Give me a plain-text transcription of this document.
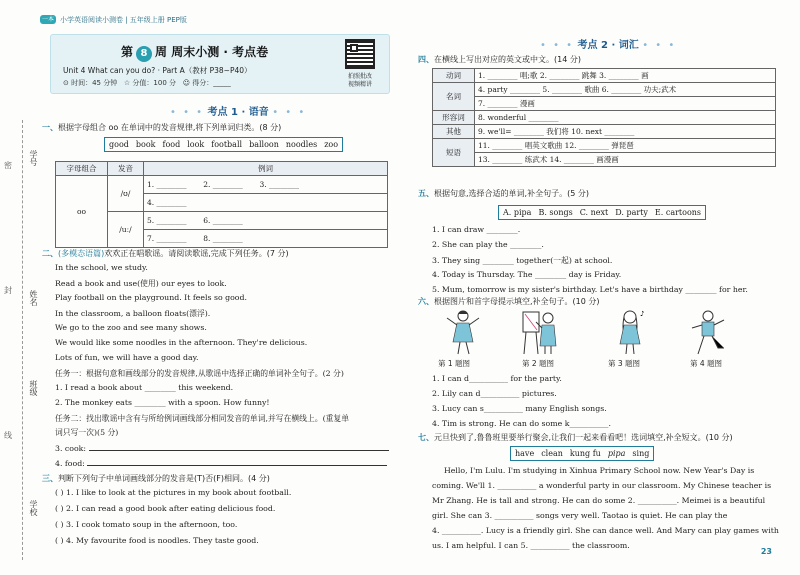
一本 小学英语阅读小测卷 | 五年级上册 PEP版
学号
姓名
班级
学校
密
封
线
第 8 周 周末小测 · 考点卷
Unit 4 What can you do? · Part A（教材 P38~P40）
⊙ 时间：45 分钟 ☆ 分值：100 分 ☺ 得分：_____
拍照批改
视频精讲
• • • 考点 1 · 语音 • • •
一、根据字母组合 oo 在单词中的发音规律,将下列单词归类。(8 分)
good book food look football balloon noodles zoo
字母组合	发音	例词
oo	/ʊ/	1. ________ 2. ________ 3. ________
		4. ________
	/uː/	5. ________ 6. ________
		7. ________ 8. ________
二、(多模态语篇)欢欢正在唱歌谣。请阅读歌谣,完成下列任务。(7 分)
In the school, we study.
Read a book and use(使用) our eyes to look.
Play football on the playground. It feels so good.
In the classroom, a balloon floats(漂浮).
We go to the zoo and see many shows.
We would like some noodles in the afternoon. They're delicious.
Lots of fun, we will have a good day.
任务一：根据句意和画线部分的发音规律,从歌谣中选择正确的单词补全句子。(2 分)
1. I read a book about ________ this weekend.
2. The monkey eats ________ with a spoon. How funny!
任务二：找出歌谣中含有与所给例词画线部分相同发音的单词,并写在横线上。(重复单
词只写一次)(5 分)
3. cook:
4. food:
三、判断下列句子中单词画线部分的发音是(T)否(F)相同。(4 分)
( ) 1. I like to look at the pictures in my book about football.
( ) 2. I can read a good book after eating delicious food.
( ) 3. I cook tomato soup in the afternoon, too.
( ) 4. My favourite food is noodles. They taste good.
• • • 考点 2 · 词汇 • • •
四、在横线上写出对应的英文或中文。(14 分)
动词	1. ________ 唱;歌 2. ________ 跳舞 3. ________ 画
名词	4. party ________ 5. ________ 歌曲 6. ________ 功夫;武术
	7. ________ 漫画
形容词	8. wonderful ________
其他	9. we'll= ________ 我们将 10. next ________
短语	11. ________ 唱英文歌曲 12. ________ 弹琵琶
	13. ________ 练武术 14. ________ 画漫画
五、根据句意,选择合适的单词,补全句子。(5 分)
A. pipa B. songs C. next D. party E. cartoons
1. I can draw ________.
2. She can play the ________.
3. They sing ________ together(一起) at school.
4. Today is Thursday. The ________ day is Friday.
5. Mum, tomorrow is my sister's birthday. Let's have a birthday ________ for her.
六、根据图片和首字母提示填空,补全句子。(10 分)
♪
第 1 题图	第 2 题图	第 3 题图	第 4 题图
1. I can d__________ for the party.
2. Lily can d__________ pictures.
3. Lucy can s__________ many English songs.
4. Tim is strong. He can do some k__________.
七、元旦快到了,鲁鲁班里要举行聚会,让我们一起来看看吧！选词填空,补全短文。(10 分)
have clean kung fu pipa sing
Hello, I'm Lulu. I'm studying in Xinhua Primary School now. New Year's Day is
coming. We'll 1. __________ a wonderful party in our classroom. My Chinese teacher is
Mr Zhang. He is tall and strong. He can do some 2. __________. Meimei is a beautiful
girl. She can 3. __________ songs very well. Taotao is quiet. He can play the
4. __________. Lucy is a friendly girl. She can dance well. And Mary can play games with
us. I am helpful. I can 5. __________ the classroom.
23
